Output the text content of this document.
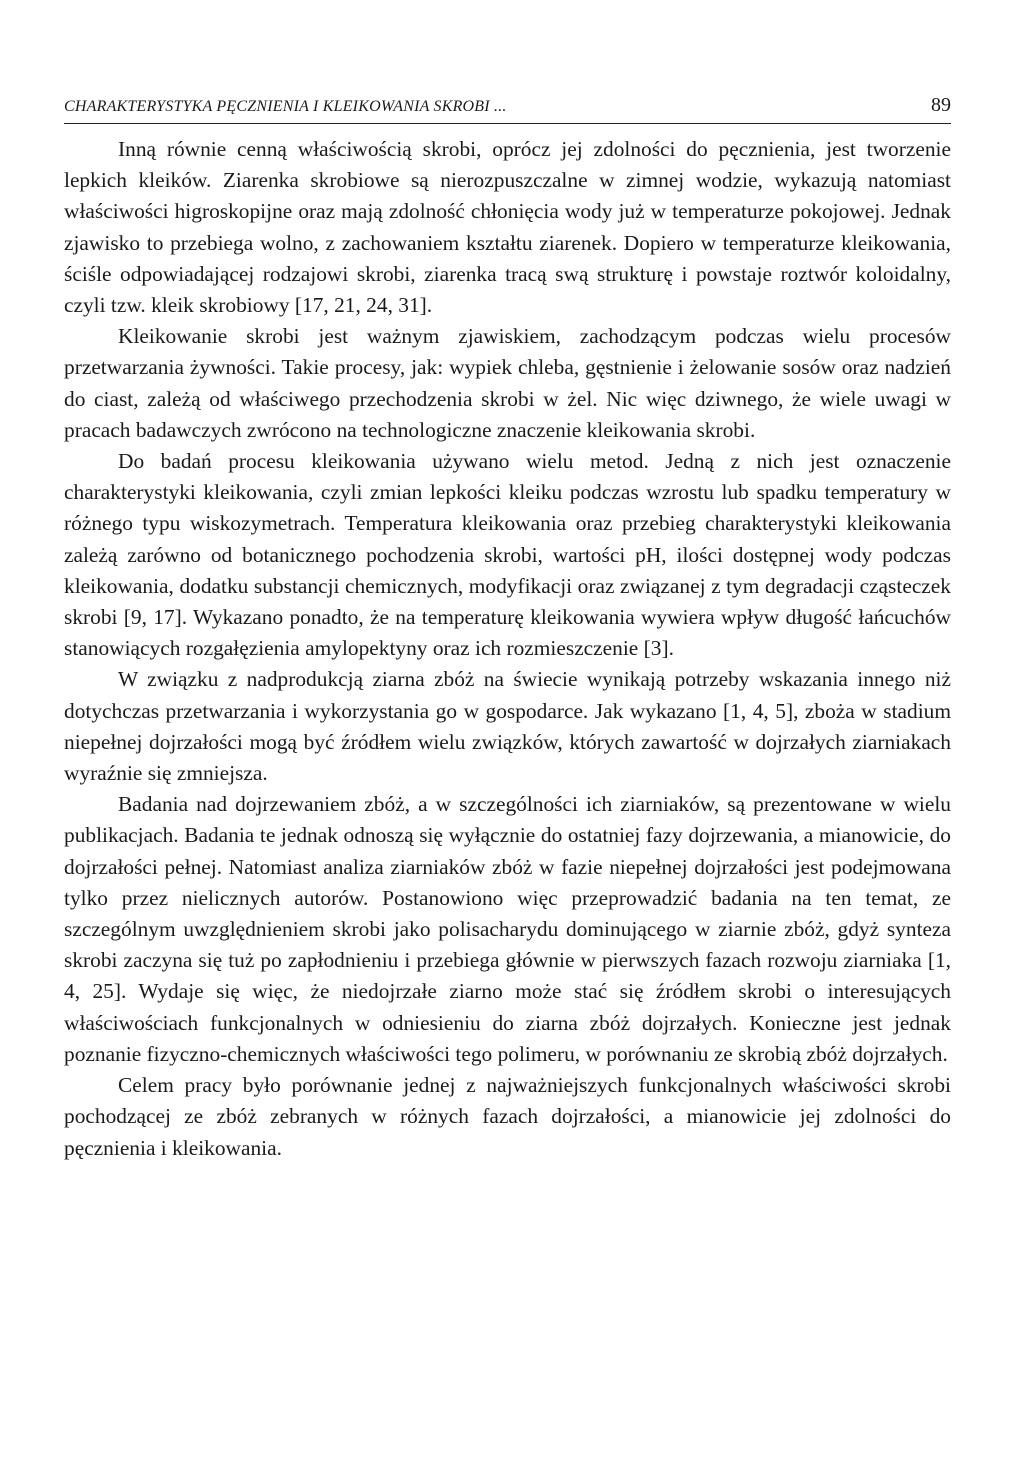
CHARAKTERYSTYKA PĘCZNIENIA I KLEIKOWANIA SKROBI ...	89

Inną równie cenną właściwością skrobi, oprócz jej zdolności do pęcznienia, jest tworzenie lepkich kleików. Ziarenka skrobiowe są nierozpuszczalne w zimnej wodzie, wykazują natomiast właściwości higroskopijne oraz mają zdolność chłonięcia wody już w temperaturze pokojowej. Jednak zjawisko to przebiega wolno, z zachowaniem kształtu ziarenek. Dopiero w temperaturze kleikowania, ściśle odpowiadającej rodzajowi skrobi, ziarenka tracą swą strukturę i powstaje roztwór koloidalny, czyli tzw. kleik skrobiowy [17, 21, 24, 31].

Kleikowanie skrobi jest ważnym zjawiskiem, zachodzącym podczas wielu procesów przetwarzania żywności. Takie procesy, jak: wypiek chleba, gęstnienie i żelowanie sosów oraz nadzień do ciast, zależą od właściwego przechodzenia skrobi w żel. Nic więc dziwnego, że wiele uwagi w pracach badawczych zwrócono na technologiczne znaczenie kleikowania skrobi.

Do badań procesu kleikowania używano wielu metod. Jedną z nich jest oznaczenie charakterystyki kleikowania, czyli zmian lepkości kleiku podczas wzrostu lub spadku temperatury w różnego typu wiskozymetrach. Temperatura kleikowania oraz przebieg charakterystyki kleikowania zależą zarówno od botanicznego pochodzenia skrobi, wartości pH, ilości dostępnej wody podczas kleikowania, dodatku substancji chemicznych, modyfikacji oraz związanej z tym degradacji cząsteczek skrobi [9, 17]. Wykazano ponadto, że na temperaturę kleikowania wywiera wpływ długość łańcuchów stanowiących rozgałęzienia amylopektyny oraz ich rozmieszczenie [3].

W związku z nadprodukcją ziarna zbóż na świecie wynikają potrzeby wskazania innego niż dotychczas przetwarzania i wykorzystania go w gospodarce. Jak wykazano [1, 4, 5], zboża w stadium niepełnej dojrzałości mogą być źródłem wielu związków, których zawartość w dojrzałych ziarniakach wyraźnie się zmniejsza.

Badania nad dojrzewaniem zbóż, a w szczególności ich ziarniaków, są prezentowane w wielu publikacjach. Badania te jednak odnoszą się wyłącznie do ostatniej fazy dojrzewania, a mianowicie, do dojrzałości pełnej. Natomiast analiza ziarniaków zbóż w fazie niepełnej dojrzałości jest podejmowana tylko przez nielicznych autorów. Postanowiono więc przeprowadzić badania na ten temat, ze szczególnym uwzględnieniem skrobi jako polisacharydu dominującego w ziarnie zbóż, gdyż synteza skrobi zaczyna się tuż po zapłodnieniu i przebiega głównie w pierwszych fazach rozwoju ziarniaka [1, 4, 25]. Wydaje się więc, że niedojrzałe ziarno może stać się źródłem skrobi o interesujących właściwościach funkcjonalnych w odniesieniu do ziarna zbóż dojrzałych. Konieczne jest jednak poznanie fizyczno-chemicznych właściwości tego polimeru, w porównaniu ze skrobią zbóż dojrzałych.

Celem pracy było porównanie jednej z najważniejszych funkcjonalnych właściwości skrobi pochodzącej ze zbóż zebranych w różnych fazach dojrzałości, a mianowicie jej zdolności do pęcznienia i kleikowania.
